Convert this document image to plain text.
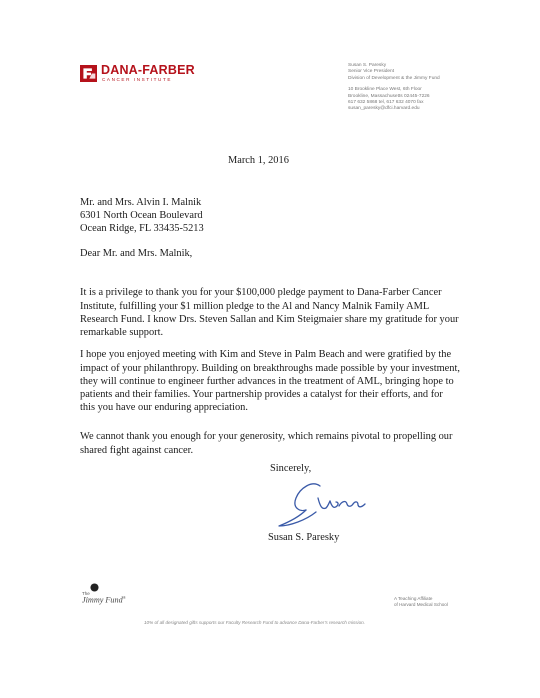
DANA-FARBER
CANCER INSTITUTE
Susan S. Paresky
Senior Vice President
Division of Development & the Jimmy Fund
10 Brookline Place West, 6th Floor
Brookline, Massachusetts 02445-7226
617 632 5868 tel, 617 632 4070 fax
susan_paresky@dfci.harvard.edu
March 1, 2016
Mr. and Mrs. Alvin I. Malnik
6301 North Ocean Boulevard
Ocean Ridge, FL 33435-5213
Dear Mr. and Mrs. Malnik,

It is a privilege to thank you for your $100,000 pledge payment to Dana-Farber Cancer Institute, fulfilling your $1 million pledge to the Al and Nancy Malnik Family AML Research Fund. I know Drs. Steven Sallan and Kim Steigmaier share my gratitude for your remarkable support.

I hope you enjoyed meeting with Kim and Steve in Palm Beach and were gratified by the impact of your philanthropy. Building on breakthroughs made possible by your investment, they will continue to engineer further advances in the treatment of AML, bringing hope to patients and their families. Your partnership provides a catalyst for their efforts, and for this you have our enduring appreciation.

We cannot thank you enough for your generosity, which remains pivotal to propelling our shared fight against cancer.

Sincerely,
Susan S. Paresky
The
Jimmy Fund®	A Teaching Affiliate
of Harvard Medical School
10% of all designated gifts supports our Faculty Research Fund to advance Dana-Farber’s research mission.
